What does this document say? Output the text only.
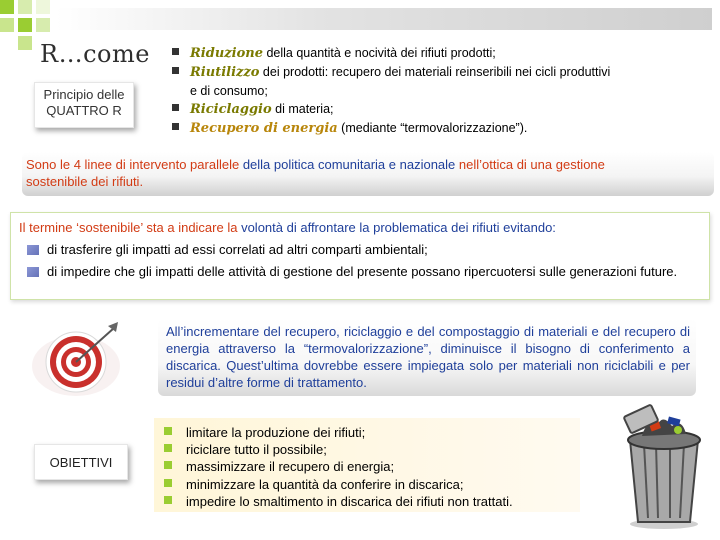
R…come
Principio delle
QUATTRO R
Riduzione della quantità e nocività dei rifiuti prodotti;
Riutilizzo dei prodotti: recupero dei materiali reinseribili nei cicli produttivi
e di consumo;
Riciclaggio di materia;
Recupero di energia (mediante “termovalorizzazione”).
Sono le 4 linee di intervento parallele della politica comunitaria e nazionale nell’ottica di una gestione
sostenibile dei rifiuti.
Il termine ‘sostenibile’ sta a indicare la volontà di affrontare la problematica dei rifiuti evitando:
di trasferire gli impatti ad essi correlati ad altri comparti ambientali;
di impedire che gli impatti delle attività di gestione del presente possano ripercuotersi sulle generazioni future.
All’incrementare del recupero, riciclaggio e del compostaggio di materiali e del recupero di energia attraverso la “termovalorizzazione”, diminuisce il bisogno di conferimento a discarica. Quest’ultima dovrebbe essere impiegata solo per materiali non riciclabili e per residui d’altre forme di trattamento.
OBIETTIVI
limitare la produzione dei rifiuti;
riciclare tutto il possibile;
massimizzare il recupero di energia;
minimizzare la quantità da conferire in discarica;
impedire lo smaltimento in discarica dei rifiuti non trattati.
